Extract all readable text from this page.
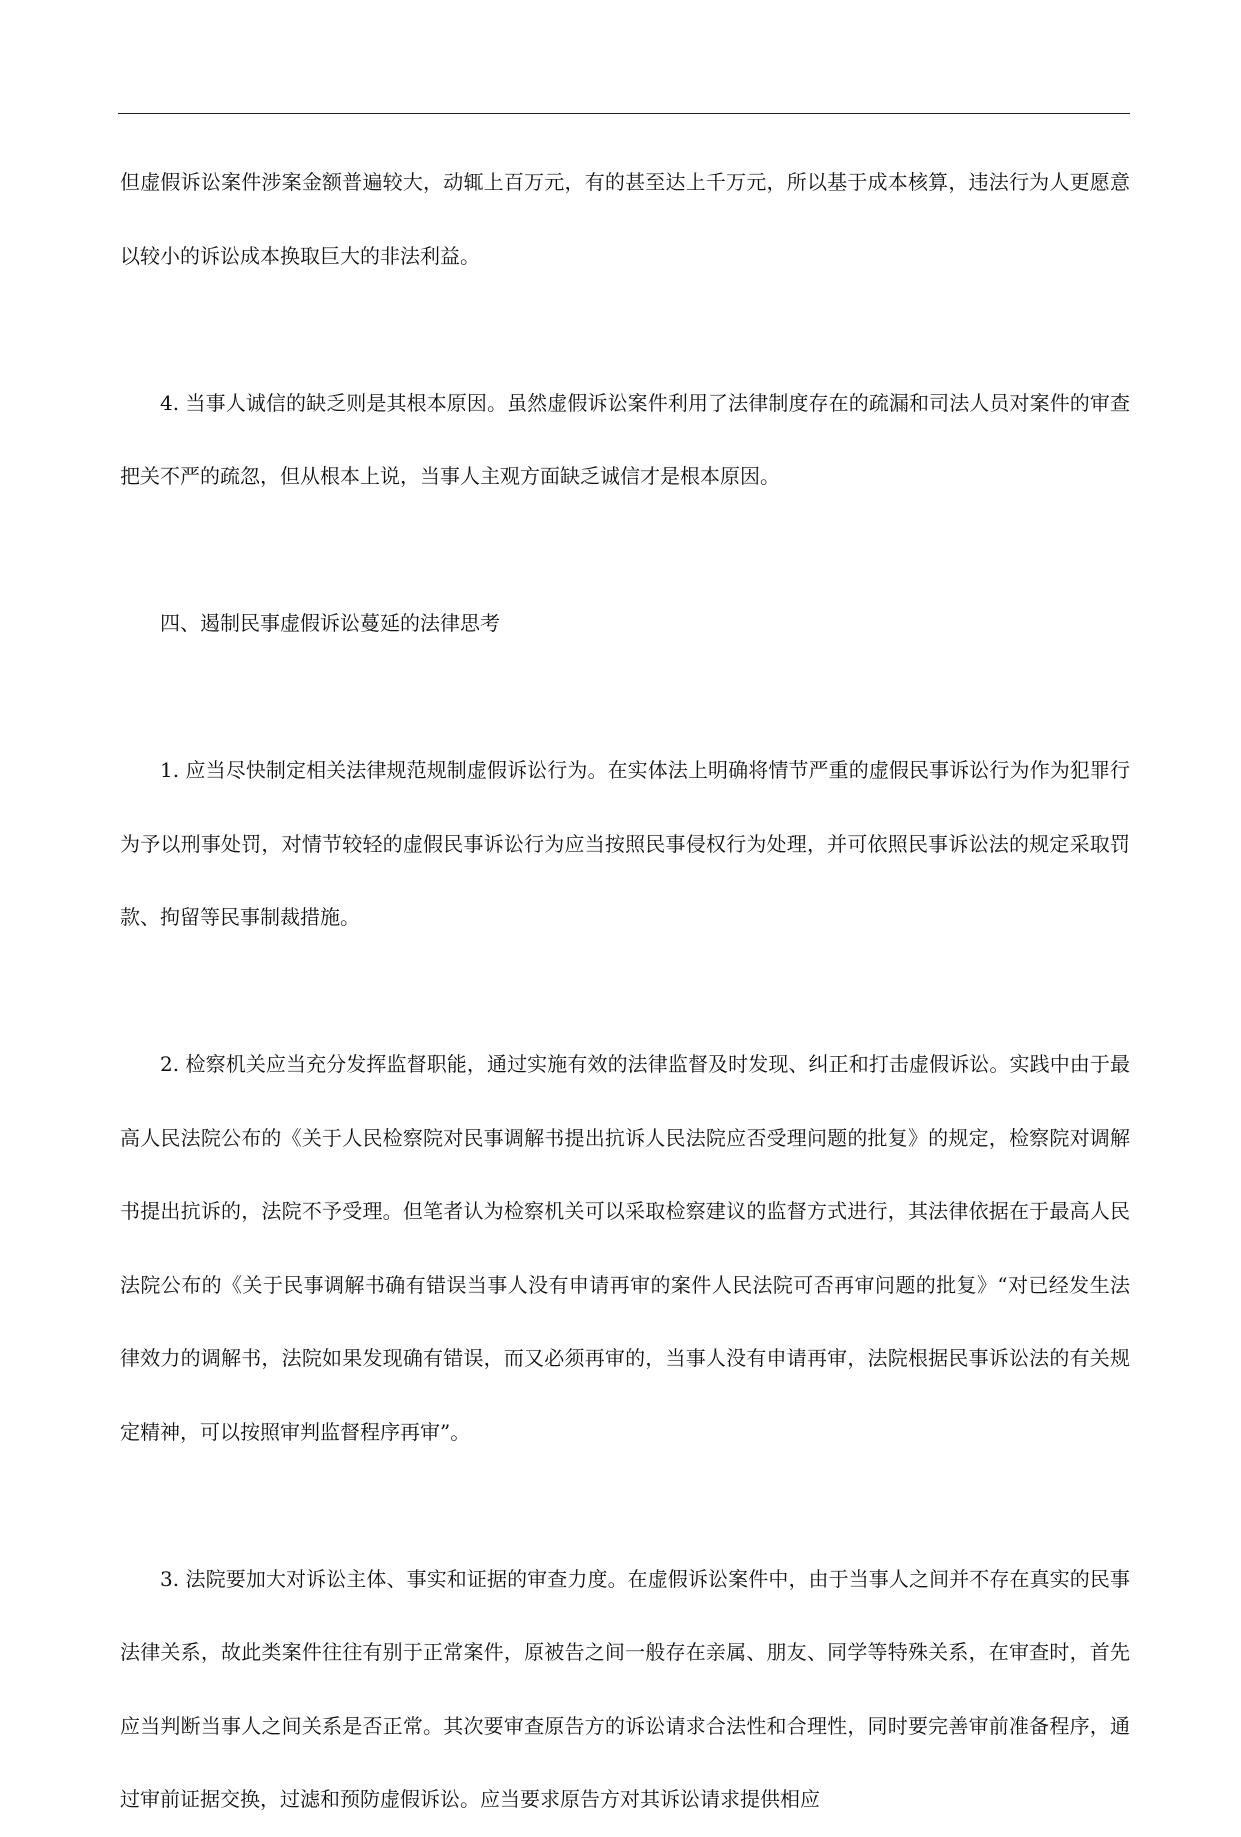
但虚假诉讼案件涉案金额普遍较大，动辄上百万元，有的甚至达上千万元，所以基于成本核算，违法行为人更愿意以较小的诉讼成本换取巨大的非法利益。

4. 当事人诚信的缺乏则是其根本原因。虽然虚假诉讼案件利用了法律制度存在的疏漏和司法人员对案件的审查把关不严的疏忽，但从根本上说，当事人主观方面缺乏诚信才是根本原因。

四、遏制民事虚假诉讼蔓延的法律思考

1. 应当尽快制定相关法律规范规制虚假诉讼行为。在实体法上明确将情节严重的虚假民事诉讼行为作为犯罪行为予以刑事处罚，对情节较轻的虚假民事诉讼行为应当按照民事侵权行为处理，并可依照民事诉讼法的规定采取罚款、拘留等民事制裁措施。

2. 检察机关应当充分发挥监督职能，通过实施有效的法律监督及时发现、纠正和打击虚假诉讼。实践中由于最高人民法院公布的《关于人民检察院对民事调解书提出抗诉人民法院应否受理问题的批复》的规定，检察院对调解书提出抗诉的，法院不予受理。但笔者认为检察机关可以采取检察建议的监督方式进行，其法律依据在于最高人民法院公布的《关于民事调解书确有错误当事人没有申请再审的案件人民法院可否再审问题的批复》“对已经发生法律效力的调解书，法院如果发现确有错误，而又必须再审的，当事人没有申请再审，法院根据民事诉讼法的有关规定精神，可以按照审判监督程序再审”。

3. 法院要加大对诉讼主体、事实和证据的审查力度。在虚假诉讼案件中，由于当事人之间并不存在真实的民事法律关系，故此类案件往往有别于正常案件，原被告之间一般存在亲属、朋友、同学等特殊关系，在审查时，首先应当判断当事人之间关系是否正常。其次要审查原告方的诉讼请求合法性和合理性，同时要完善审前准备程序，通过审前证据交换，过滤和预防虚假诉讼。应当要求原告方对其诉讼请求提供相应
